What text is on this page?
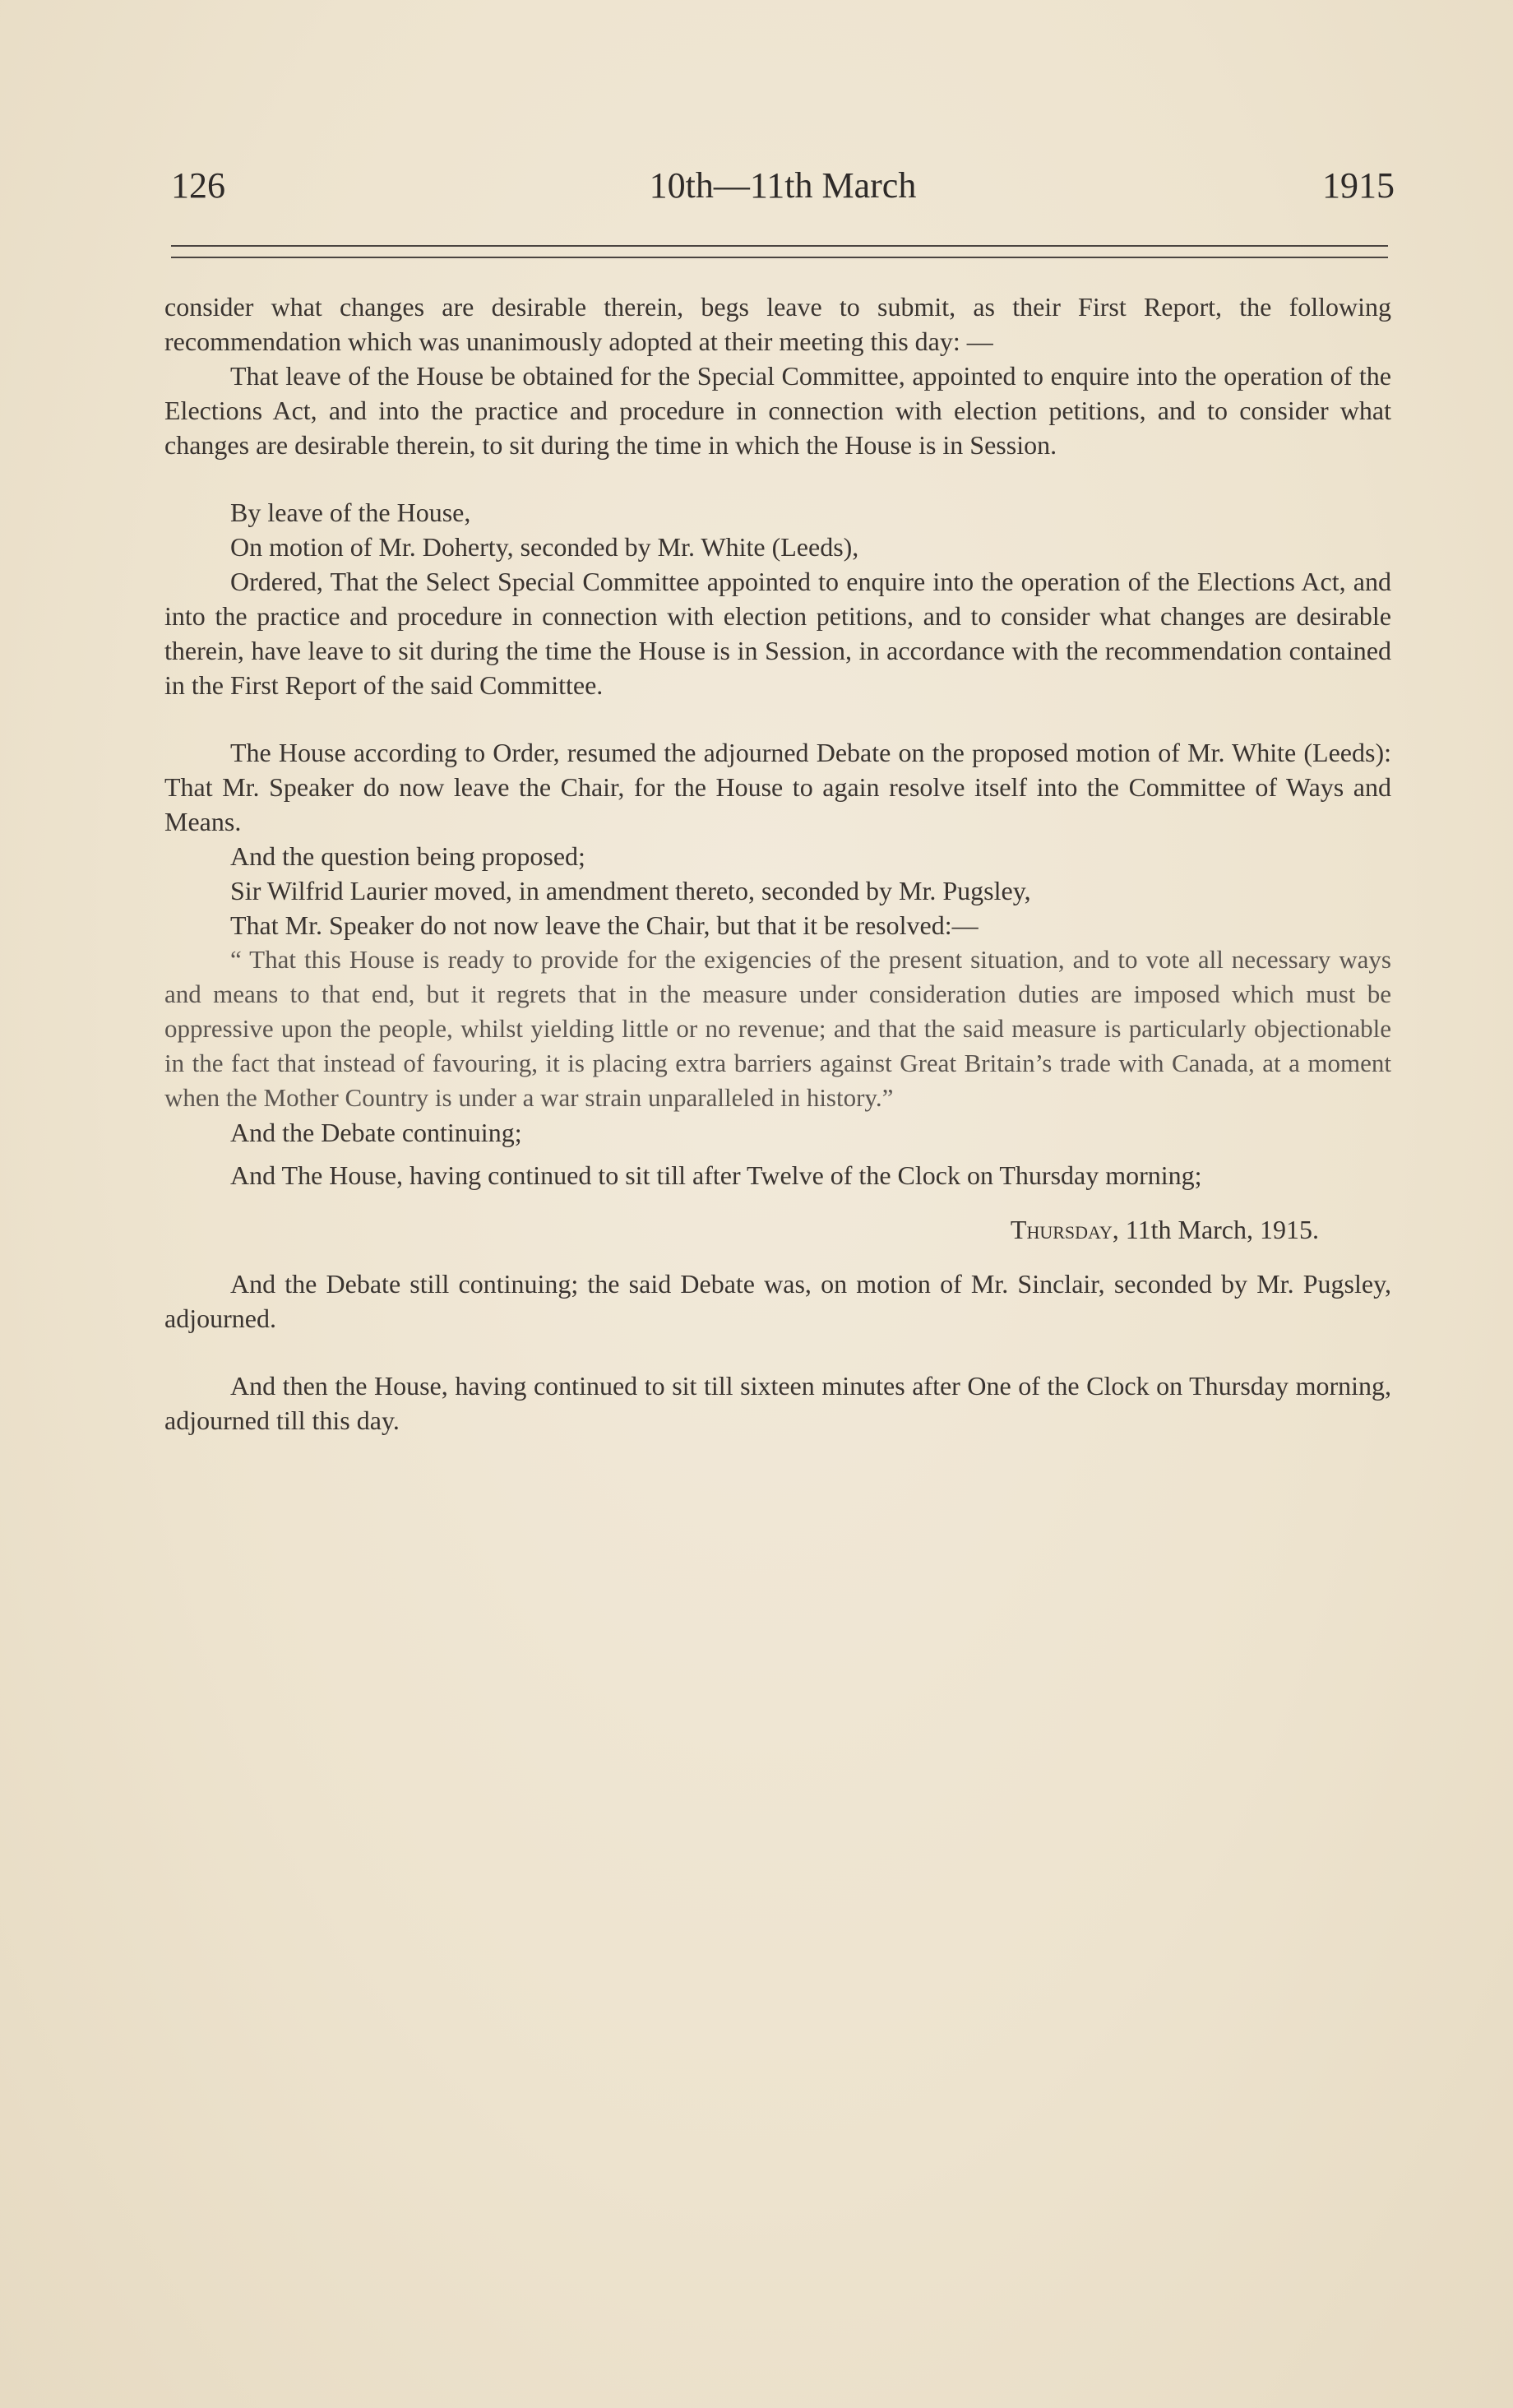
126	10th—11th March	1915

consider what changes are desirable therein, begs leave to submit, as their First Report, the following recommendation which was unanimously adopted at their meeting this day: —

That leave of the House be obtained for the Special Committee, appointed to enquire into the operation of the Elections Act, and into the practice and procedure in connection with election petitions, and to consider what changes are desirable therein, to sit during the time in which the House is in Session.

By leave of the House,

On motion of Mr. Doherty, seconded by Mr. White (Leeds),

Ordered, That the Select Special Committee appointed to enquire into the operation of the Elections Act, and into the practice and procedure in connection with election petitions, and to consider what changes are desirable therein, have leave to sit during the time the House is in Session, in accordance with the recommendation contained in the First Report of the said Committee.

The House according to Order, resumed the adjourned Debate on the proposed motion of Mr. White (Leeds): That Mr. Speaker do now leave the Chair, for the House to again resolve itself into the Committee of Ways and Means.

And the question being proposed;

Sir Wilfrid Laurier moved, in amendment thereto, seconded by Mr. Pugsley,

That Mr. Speaker do not now leave the Chair, but that it be resolved:—

“ That this House is ready to provide for the exigencies of the present situation, and to vote all necessary ways and means to that end, but it regrets that in the measure under consideration duties are imposed which must be oppressive upon the people, whilst yielding little or no revenue; and that the said measure is particularly objectionable in the fact that instead of favouring, it is placing extra barriers against Great Britain’s trade with Canada, at a moment when the Mother Country is under a war strain unparalleled in history.”

And the Debate continuing;

And The House, having continued to sit till after Twelve of the Clock on Thursday morning;

Thursday, 11th March, 1915.

And the Debate still continuing; the said Debate was, on motion of Mr. Sinclair, seconded by Mr. Pugsley, adjourned.

And then the House, having continued to sit till sixteen minutes after One of the Clock on Thursday morning, adjourned till this day.
